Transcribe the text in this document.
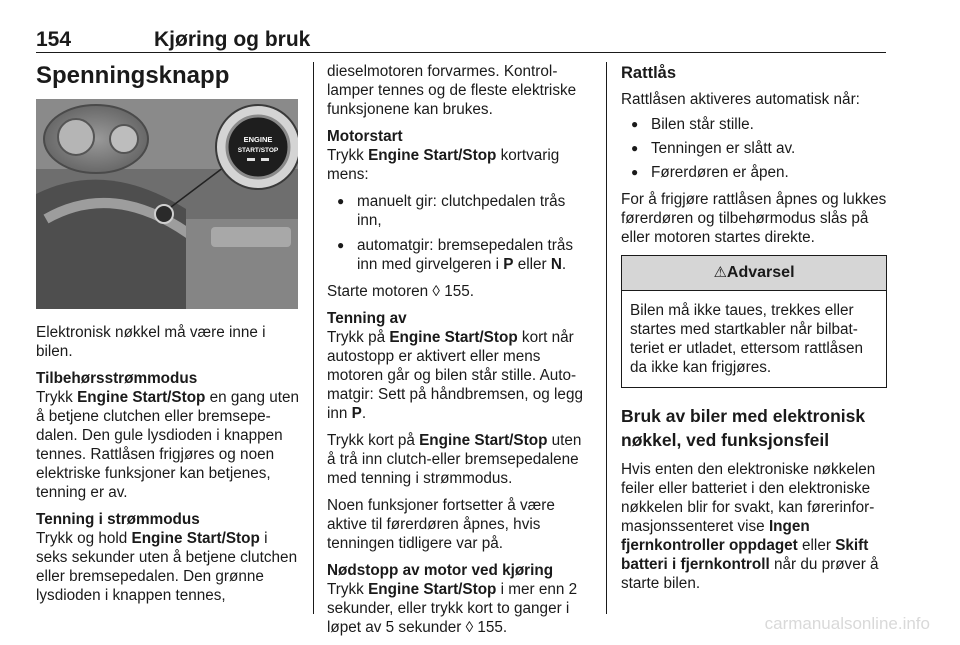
154	Kjøring og bruk
Spenningsknapp
ENGINE
START/STOP

Elektronisk nøkkel må være inne i bilen.

Tilbehørsstrømmodus

Trykk Engine Start/Stop en gang uten å betjene clutchen eller bremsepedalen. Den gule lysdioden i knappen tennes. Rattlåsen frigjøres og noen elektriske funksjoner kan betjenes, tenning er av.

Tenning i strømmodus

Trykk og hold Engine Start/Stop i seks sekunder uten å betjene clutchen eller bremsepedalen. Den grønne lysdioden i knappen tennes,

dieselmotoren forvarmes. Kontrollamper tennes og de fleste elektriske funksjonene kan brukes.

Motorstart

Trykk Engine Start/Stop kortvarig mens:

● manuelt gir: clutchpedalen trås inn,
● automatgir: bremsepedalen trås inn med girvelgeren i P eller N.

Starte motoren ◊ 155.

Tenning av

Trykk på Engine Start/Stop kort når autostopp er aktivert eller mens motoren går og bilen står stille. Automatgir: Sett på håndbremsen, og legg inn P.

Trykk kort på Engine Start/Stop uten å trå inn clutch-eller bremsepedalene med tenning i strømmodus.

Noen funksjoner fortsetter å være aktive til førerdøren åpnes, hvis tenningen tidligere var på.

Nødstopp av motor ved kjøring

Trykk Engine Start/Stop i mer enn 2 sekunder, eller trykk kort to ganger i løpet av 5 sekunder ◊ 155.

Rattlås

Rattlåsen aktiveres automatisk når:

● Bilen står stille.
● Tenningen er slått av.
● Førerdøren er åpen.

For å frigjøre rattlåsen åpnes og lukkes førerdøren og tilbehørmodus slås på eller motoren startes direkte.

⚠Advarsel
Bilen må ikke taues, trekkes eller startes med startkabler når bilbatteriet er utladet, ettersom rattlåsen da ikke kan frigjøres.
Bruk av biler med elektronisk nøkkel, ved funksjonsfeil

Hvis enten den elektroniske nøkkelen feiler eller batteriet i den elektroniske nøkkelen blir for svakt, kan førerinformasjonssenteret vise Ingen fjernkontroller oppdaget eller Skift batteri i fjernkontroll når du prøver å starte bilen.

carmanualsonline.info
